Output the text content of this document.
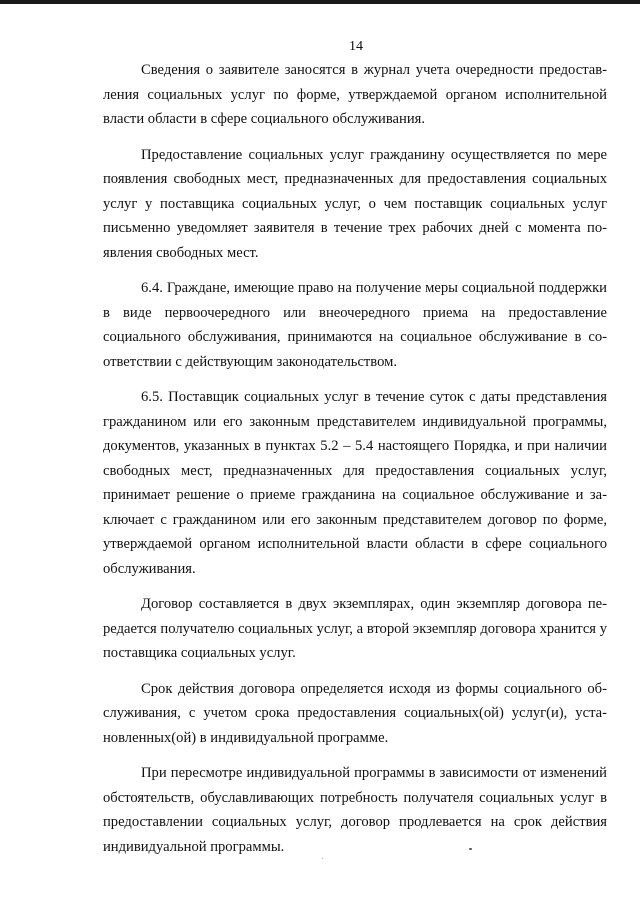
14

Сведения о заявителе заносятся в журнал учета очередности предоставления социальных услуг по форме, утверждаемой органом исполнительной власти области в сфере социального обслуживания.

Предоставление социальных услуг гражданину осуществляется по мере появления свободных мест, предназначенных для предоставления социальных услуг у поставщика социальных услуг, о чем поставщик социальных услуг письменно уведомляет заявителя в течение трех рабочих дней с момента появления свободных мест.

6.4. Граждане, имеющие право на получение меры социальной поддержки в виде первоочередного или внеочередного приема на предоставление социального обслуживания, принимаются на социальное обслуживание в соответствии с действующим законодательством.

6.5. Поставщик социальных услуг в течение суток с даты представления гражданином или его законным представителем индивидуальной программы, документов, указанных в пунктах 5.2 – 5.4 настоящего Порядка, и при наличии свободных мест, предназначенных для предоставления социальных услуг, принимает решение о приеме гражданина на социальное обслуживание и заключает с гражданином или его законным представителем договор по форме, утверждаемой органом исполнительной власти области в сфере социального обслуживания.

Договор составляется в двух экземплярах, один экземпляр договора передается получателю социальных услуг, а второй экземпляр договора хранится у поставщика социальных услуг.

Срок действия договора определяется исходя из формы социального обслуживания, с учетом срока предоставления социальных(ой) услуг(и), установленных(ой) в индивидуальной программе.

При пересмотре индивидуальной программы в зависимости от изменений обстоятельств, обуславливающих потребность получателя социальных услуг в предоставлении социальных услуг, договор продлевается на срок действия индивидуальной программы.
